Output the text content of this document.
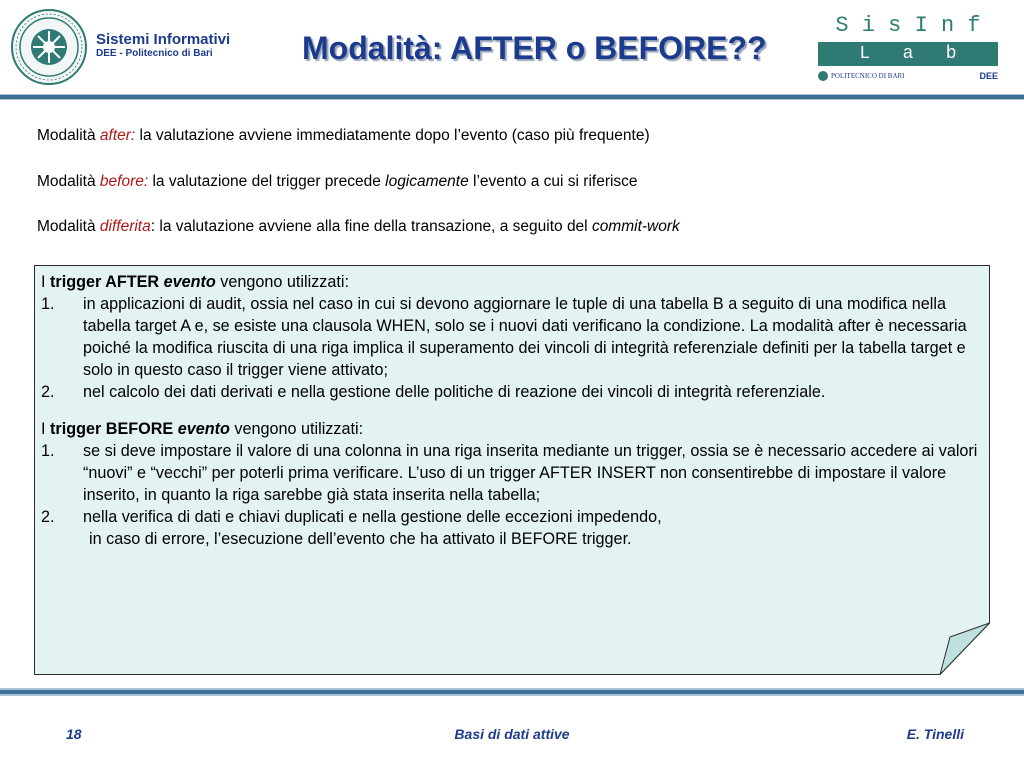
Sistemi Informativi
DEE - Politecnico di Bari	Modalità: AFTER o BEFORE??
S i s I n f
L   a   b
POLITECNICO DI BARI	DEE
Modalità after: la valutazione avviene immediatamente dopo l’evento (caso più frequente)
Modalità before: la valutazione del trigger precede logicamente l’evento a cui si riferisce
Modalità differita: la valutazione avviene alla fine della transazione, a seguito del commit-work

I trigger AFTER evento vengono utilizzati:

1. in applicazioni di audit, ossia nel caso in cui si devono aggiornare le tuple di una tabella B a seguito di una modifica nella tabella target A e, se esiste una clausola WHEN, solo se i nuovi dati verificano la condizione. La modalità after è necessaria poiché la modifica riuscita di una riga implica il superamento dei vincoli di integrità referenziale definiti per la tabella target e solo in questo caso il trigger viene attivato;
2. nel calcolo dei dati derivati e nella gestione delle politiche di reazione dei vincoli di integrità referenziale.

I trigger BEFORE evento vengono utilizzati:

1. se si deve impostare il valore di una colonna in una riga inserita mediante un trigger, ossia se è necessario accedere ai valori “nuovi” e “vecchi” per poterli prima verificare. L’uso di un trigger AFTER INSERT non consentirebbe di impostare il valore inserito, in quanto la riga sarebbe già stata inserita nella tabella;
2. nella verifica di dati e chiavi duplicati e nella gestione delle eccezioni impedendo,
in caso di errore, l’esecuzione dell’evento che ha attivato il BEFORE trigger.
18	Basi di dati attive	E. Tinelli
